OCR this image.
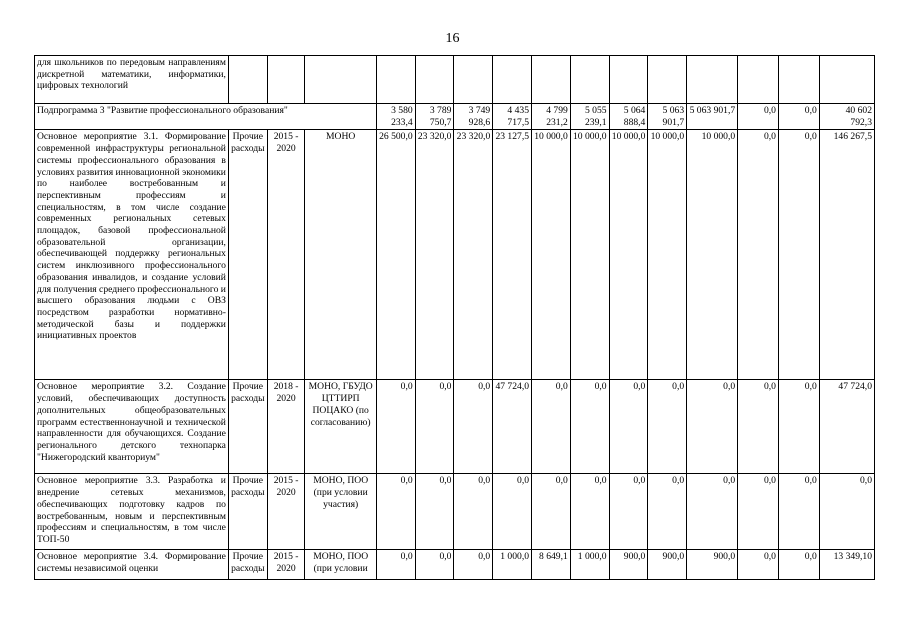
16
для школьников по передовым направлениям дискретной математики, информатики, цифровых технологий															
Подпрограмма 3 "Развитие профессионального образования"				3 580 233,4	3 789 750,7	3 749 928,6	4 435 717,5	4 799 231,2	5 055 239,1	5 064 888,4	5 063 901,7	5 063 901,7	0,0	0,0	40 602 792,3
Основное мероприятие 3.1. Формирование современной инфраструктуры региональной системы профессионального образования в условиях развития инновационной экономики по наиболее востребованным и перспективным профессиям и специальностям, в том числе создание современных региональных сетевых площадок, базовой профессиональной образовательной организации, обеспечивающей поддержку региональных систем инклюзивного профессионального образования инвалидов, и создание условий для получения среднего профессионального и высшего образования людьми с ОВЗ посредством разработки нормативно-методической базы и поддержки инициативных проектов	Прочие расходы	2015 - 2020	МОНО	26 500,0	23 320,0	23 320,0	23 127,5	10 000,0	10 000,0	10 000,0	10 000,0	10 000,0	0,0	0,0	146 267,5
Основное мероприятие 3.2. Создание условий, обеспечивающих доступность дополнительных общеобразовательных программ естественнонаучной и технической направленности для обучающихся. Создание регионального детского технопарка "Нижегородский кванториум"	Прочие расходы	2018 - 2020	МОНО, ГБУДО ЦТТИРП ПОЦАКО (по согласованию)	0,0	0,0	0,0	47 724,0	0,0	0,0	0,0	0,0	0,0	0,0	0,0	47 724,0
Основное мероприятие 3.3. Разработка и внедрение сетевых механизмов, обеспечивающих подготовку кадров по востребованным, новым и перспективным профессиям и специальностям, в том числе ТОП-50	Прочие расходы	2015 - 2020	МОНО, ПОО (при условии участия)	0,0	0,0	0,0	0,0	0,0	0,0	0,0	0,0	0,0	0,0	0,0	0,0
Основное мероприятие 3.4. Формирование системы независимой оценки	Прочие расходы	2015 - 2020	МОНО, ПОО (при условии	0,0	0,0	0,0	1 000,0	8 649,1	1 000,0	900,0	900,0	900,0	0,0	0,0	13 349,10
